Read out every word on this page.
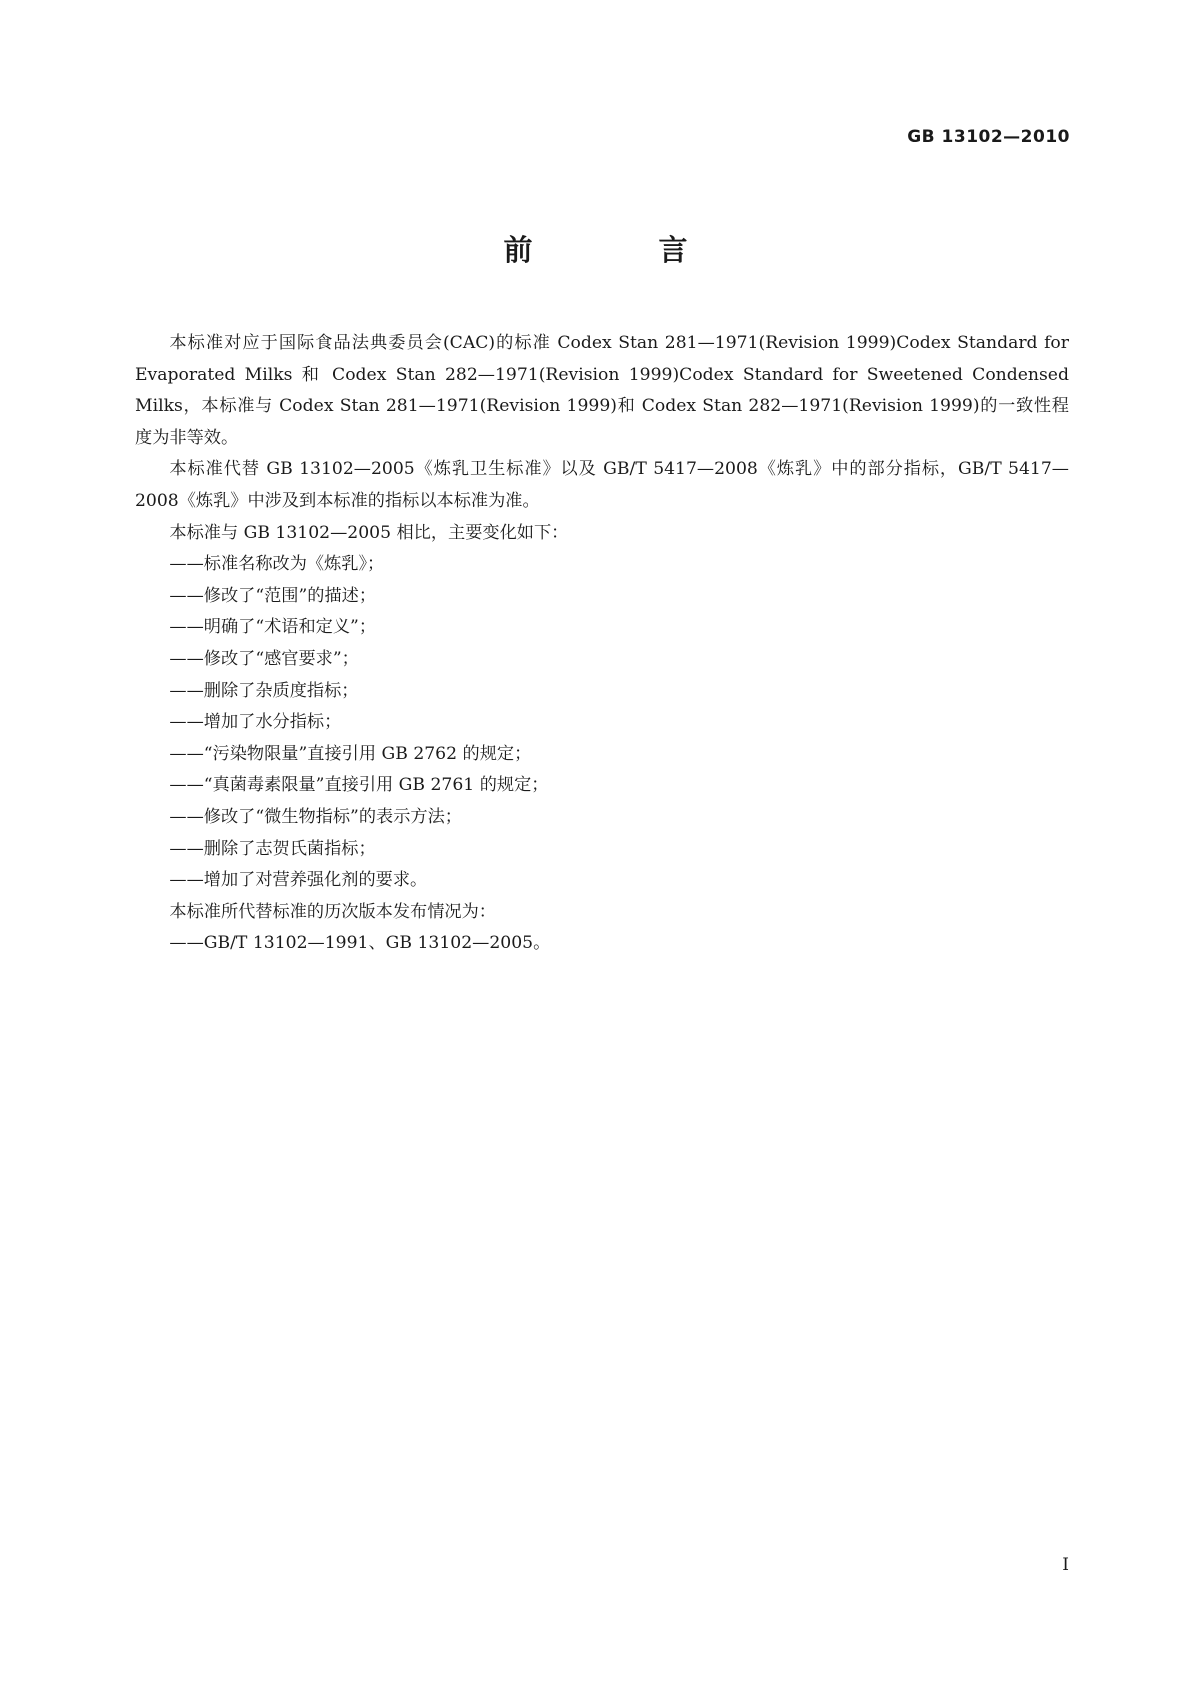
GB 13102—2010
前 言

本标准对应于国际食品法典委员会(CAC)的标准 Codex Stan 281—1971(Revision 1999)Codex Standard for Evaporated Milks 和 Codex Stan 282—1971(Revision 1999)Codex Standard for Sweetened Condensed Milks，本标准与 Codex Stan 281—1971(Revision 1999)和 Codex Stan 282—1971(Revision 1999)的一致性程度为非等效。

本标准代替 GB 13102—2005《炼乳卫生标准》以及 GB/T 5417—2008《炼乳》中的部分指标，GB/T 5417—2008《炼乳》中涉及到本标准的指标以本标准为准。

本标准与 GB 13102—2005 相比，主要变化如下：

——标准名称改为《炼乳》；

——修改了“范围”的描述；

——明确了“术语和定义”；

——修改了“感官要求”；

——删除了杂质度指标；

——增加了水分指标；

——“污染物限量”直接引用 GB 2762 的规定；

——“真菌毒素限量”直接引用 GB 2761 的规定；

——修改了“微生物指标”的表示方法；

——删除了志贺氏菌指标；

——增加了对营养强化剂的要求。

本标准所代替标准的历次版本发布情况为：

——GB/T 13102—1991、GB 13102—2005。

I
